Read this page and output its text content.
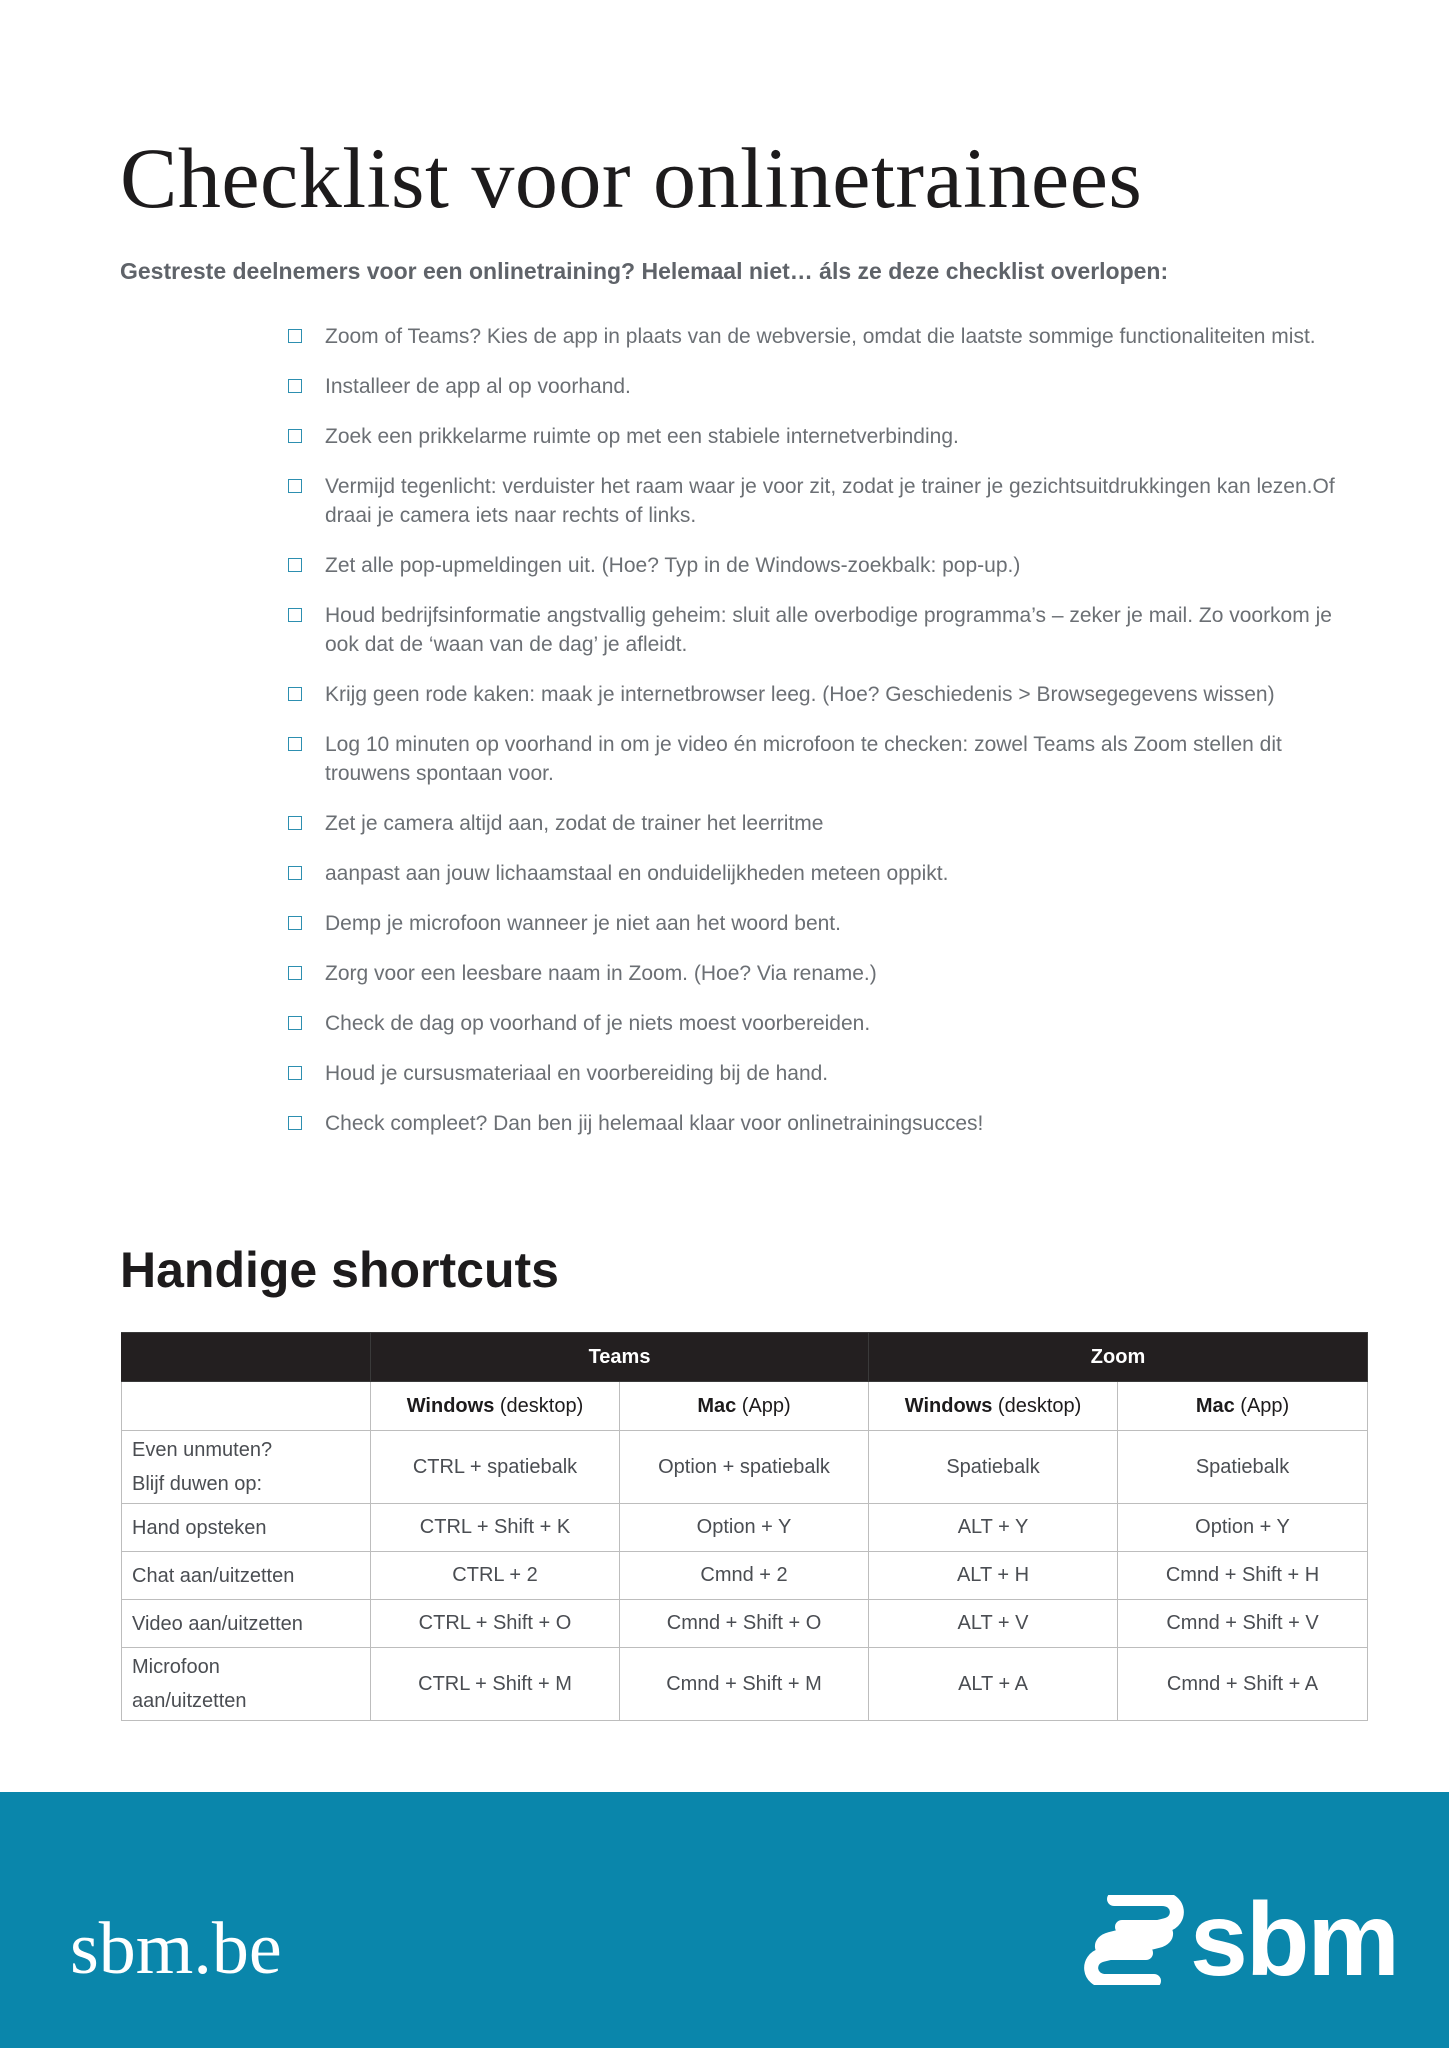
Checklist voor onlinetrainees

Gestreste deelnemers voor een onlinetraining? Helemaal niet… áls ze deze checklist overlopen:

Zoom of Teams? Kies de app in plaats van de webversie, omdat die laatste sommige functionaliteiten mist.
Installeer de app al op voorhand.
Zoek een prikkelarme ruimte op met een stabiele internetverbinding.
Vermijd tegenlicht: verduister het raam waar je voor zit, zodat je trainer je gezichtsuitdrukkingen kan lezen.Of draai je camera iets naar rechts of links.
Zet alle pop-upmeldingen uit. (Hoe? Typ in de Windows-zoekbalk: pop-up.)
Houd bedrijfsinformatie angstvallig geheim: sluit alle overbodige programma’s – zeker je mail. Zo voorkom je ook dat de ‘waan van de dag’ je afleidt.
Krijg geen rode kaken: maak je internetbrowser leeg. (Hoe? Geschiedenis > Browsegegevens wissen)
Log 10 minuten op voorhand in om je video én microfoon te checken: zowel Teams als Zoom stellen dit trouwens spontaan voor.
Zet je camera altijd aan, zodat de trainer het leerritme
aanpast aan jouw lichaamstaal en onduidelijkheden meteen oppikt.
Demp je microfoon wanneer je niet aan het woord bent.
Zorg voor een leesbare naam in Zoom. (Hoe? Via rename.)
Check de dag op voorhand of je niets moest voorbereiden.
Houd je cursusmateriaal en voorbereiding bij de hand.
Check compleet? Dan ben jij helemaal klaar voor onlinetrainingsucces!
Handige shortcuts
	Teams		Zoom	
	Windows (desktop)	Mac (App)	Windows (desktop)	Mac (App)
Even unmuten?
Blijf duwen op:	CTRL + spatiebalk	Option + spatiebalk	Spatiebalk	Spatiebalk
Hand opsteken	CTRL + Shift + K	Option + Y	ALT + Y	Option + Y
Chat aan/uitzetten	CTRL + 2	Cmnd + 2	ALT + H	Cmnd + Shift + H
Video aan/uitzetten	CTRL + Shift + O	Cmnd + Shift + O	ALT + V	Cmnd + Shift + V
Microfoon
aan/uitzetten	CTRL + Shift + M	Cmnd + Shift + M	ALT + A	Cmnd + Shift + A

sbm.be	sbm
